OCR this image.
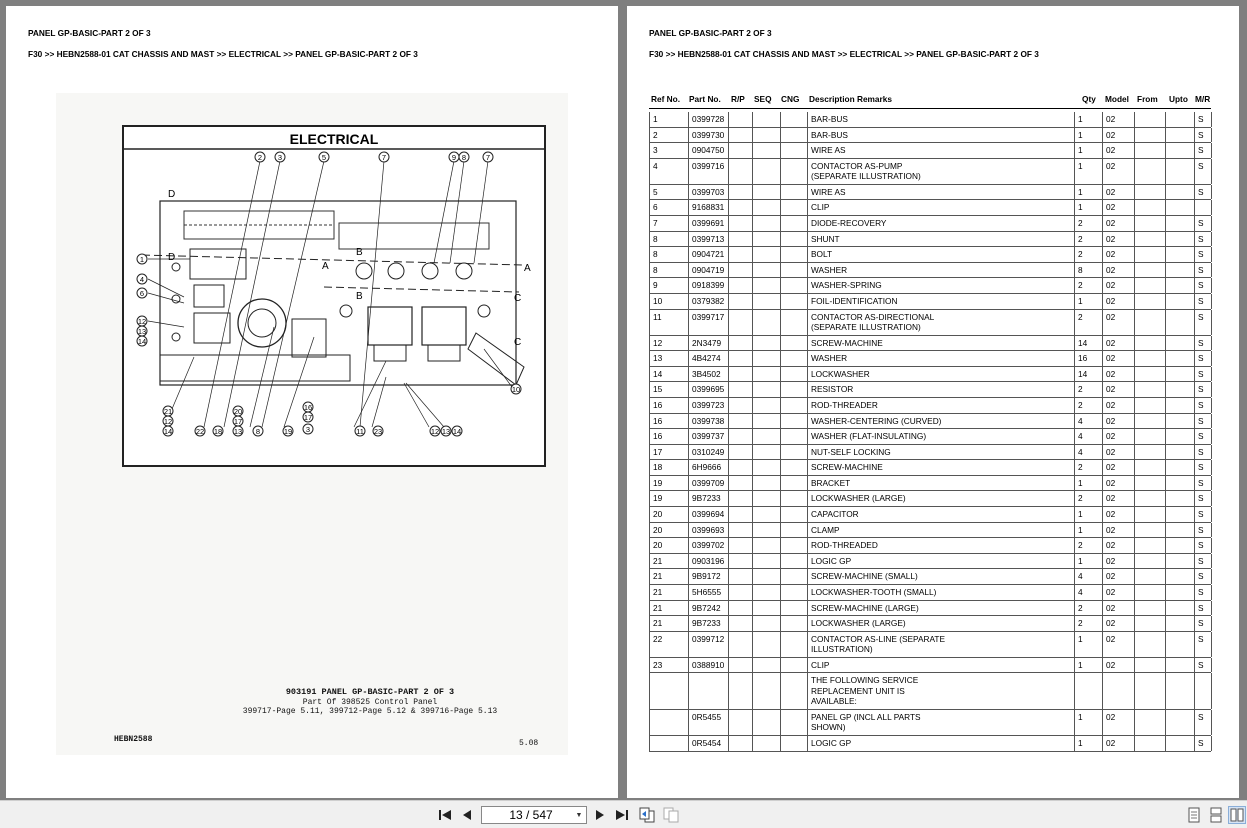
PANEL GP-BASIC-PART 2 OF 3
F30 >> HEBN2588-01 CAT CHASSIS AND MAST >> ELECTRICAL >> PANEL GP-BASIC-PART 2 OF 3
ELECTRICAL
2 3	5	7	9 8	7
1
4
6
12
13
14
21
12
14	22 18
20
17
13 8	19
16
17
3	11 23	12 13 14
10
D
D
A	A
B
B	C
C
903191 PANEL GP-BASIC-PART 2 OF 3
Part Of 398525 Control Panel
399717-Page 5.11, 399712-Page 5.12 & 399716-Page 5.13
HEBN2588	5.08
PANEL GP-BASIC-PART 2 OF 3
F30 >> HEBN2588-01 CAT CHASSIS AND MAST >> ELECTRICAL >> PANEL GP-BASIC-PART 2 OF 3
Ref No. Part No. R/P SEQ CNG Description Remarks	Qty Model From Upto M/R
1	0399728	BAR-BUS	1	02	S
2	0399730	BAR-BUS	1	02	S
3	0904750	WIRE AS	1	02	S
4	0399716	CONTACTOR AS-PUMP
(SEPARATE ILLUSTRATION)
1	02	S
5	0399703	WIRE AS	1	02	S
6	9168831	CLIP	1	02
7	0399691	DIODE-RECOVERY	2	02	S
8	0399713	SHUNT	2	02	S
8	0904721	BOLT	2	02	S
8	0904719	WASHER	8	02	S
9	0918399	WASHER-SPRING	2	02	S
10	0379382	FOIL-IDENTIFICATION	1	02	S
11	0399717	CONTACTOR AS-DIRECTIONAL
(SEPARATE ILLUSTRATION)
2	02	S
12	2N3479	SCREW-MACHINE	14	02	S
13	4B4274	WASHER	16	02	S
14	3B4502	LOCKWASHER	14	02	S
15	0399695	RESISTOR	2	02	S
16	0399723	ROD-THREADER	2	02	S
16	0399738	WASHER-CENTERING (CURVED)	4	02	S
16	0399737	WASHER (FLAT-INSULATING)	4	02	S
17	0310249	NUT-SELF LOCKING	4	02	S
18	6H9666	SCREW-MACHINE	2	02	S
19	0399709	BRACKET	1	02	S
19	9B7233	LOCKWASHER (LARGE)	2	02	S
20	0399694	CAPACITOR	1	02	S
20	0399693	CLAMP	1	02	S
20	0399702	ROD-THREADED	2	02	S
21	0903196	LOGIC GP	1	02	S
21	9B9172	SCREW-MACHINE (SMALL)	4	02	S
21	5H6555	LOCKWASHER-TOOTH (SMALL)	4	02	S
21	9B7242	SCREW-MACHINE (LARGE)	2	02	S
21	9B7233	LOCKWASHER (LARGE)	2	02	S
22	0399712	CONTACTOR AS-LINE (SEPARATE
ILLUSTRATION)
1	02	S
23	0388910	CLIP	1	02	S
THE FOLLOWING SERVICE
REPLACEMENT UNIT IS
AVAILABLE:
0R5455	PANEL GP (INCL ALL PARTS
SHOWN)
1	02	S
0R5454	LOGIC GP	1	02	S
13 / 547	▼
